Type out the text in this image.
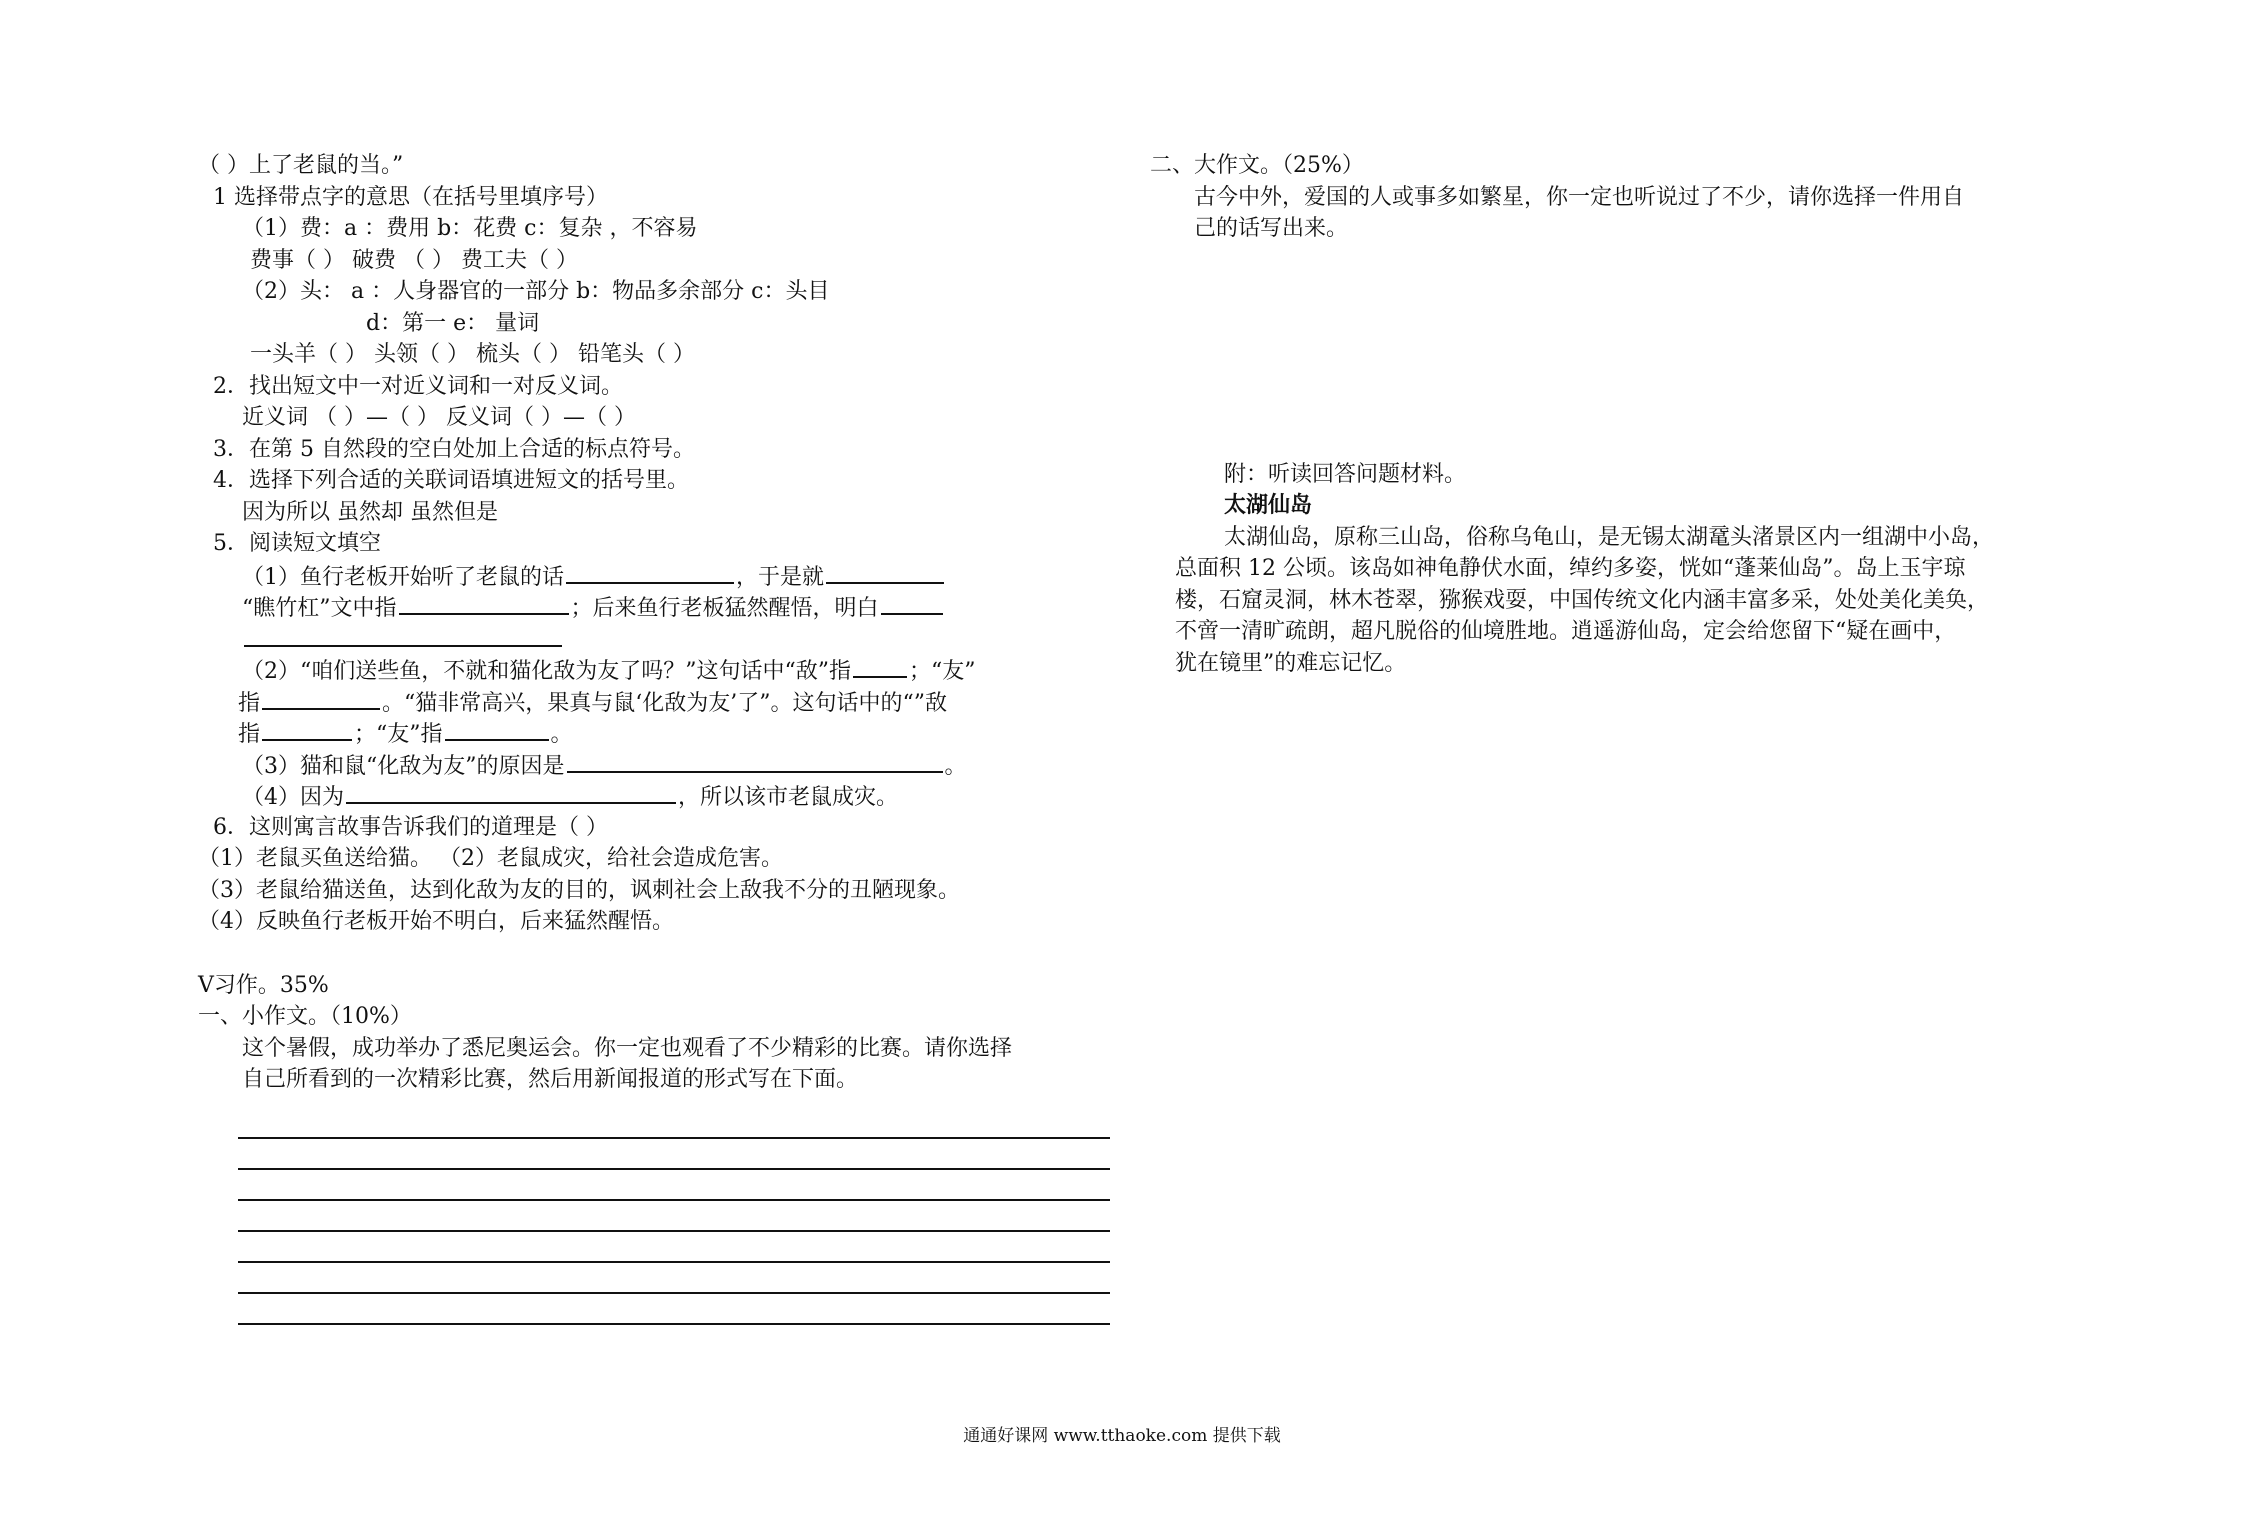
（ ）上了老鼠的当。”
1 选择带点字的意思（在括号里填序号）
（1）费：a ：费用 b：花费 c：复杂 ，不容易
费事（ ） 破费 （ ） 费工夫（ ）
（2）头： a ：人身器官的一部分 b：物品多余部分 c：头目
d：第一 e： 量词
一头羊（ ） 头领（ ） 梳头（ ） 铅笔头（ ）
2．找出短文中一对近义词和一对反义词。
近义词 （ ）—（ ） 反义词（ ）—（ ）
3．在第 5 自然段的空白处加上合适的标点符号。
4．选择下列合适的关联词语填进短文的括号里。
因为所以 虽然却 虽然但是
5．阅读短文填空
（1）鱼行老板开始听了老鼠的话	，于是就
“瞧竹杠”文中指	；后来鱼行老板猛然醒悟，明白
（2）“咱们送些鱼，不就和猫化敌为友了吗？”这句话中“敌”指	；“友”
指	。“猫非常高兴，果真与鼠‘化敌为友’了”。这句话中的“”敌
指	；“友”指	。
（3）猫和鼠“化敌为友”的原因是	。
（4）因为	，所以该市老鼠成灾。
6．这则寓言故事告诉我们的道理是（ ）
（1）老鼠买鱼送给猫。 （2）老鼠成灾，给社会造成危害。
（3）老鼠给猫送鱼，达到化敌为友的目的，讽刺社会上敌我不分的丑陋现象。
（4）反映鱼行老板开始不明白，后来猛然醒悟。
Ⅴ习作。35%
一、小作文。（10%）
这个暑假，成功举办了悉尼奥运会。你一定也观看了不少精彩的比赛。请你选择
自己所看到的一次精彩比赛，然后用新闻报道的形式写在下面。
二、大作文。（25%）
古今中外，爱国的人或事多如繁星，你一定也听说过了不少，请你选择一件用自
己的话写出来。
附：听读回答问题材料。
太湖仙岛
太湖仙岛，原称三山岛，俗称乌龟山，是无锡太湖鼋头渚景区内一组湖中小岛，
总面积 12 公顷。该岛如神龟静伏水面，绰约多姿，恍如“蓬莱仙岛”。岛上玉宇琼
楼，石窟灵洞，林木苍翠，猕猴戏耍，中国传统文化内涵丰富多采，处处美化美奂，
不啻一清旷疏朗，超凡脱俗的仙境胜地。逍遥游仙岛，定会给您留下“疑在画中，
犹在镜里”的难忘记忆。
通通好课网 www.tthaoke.com 提供下载
